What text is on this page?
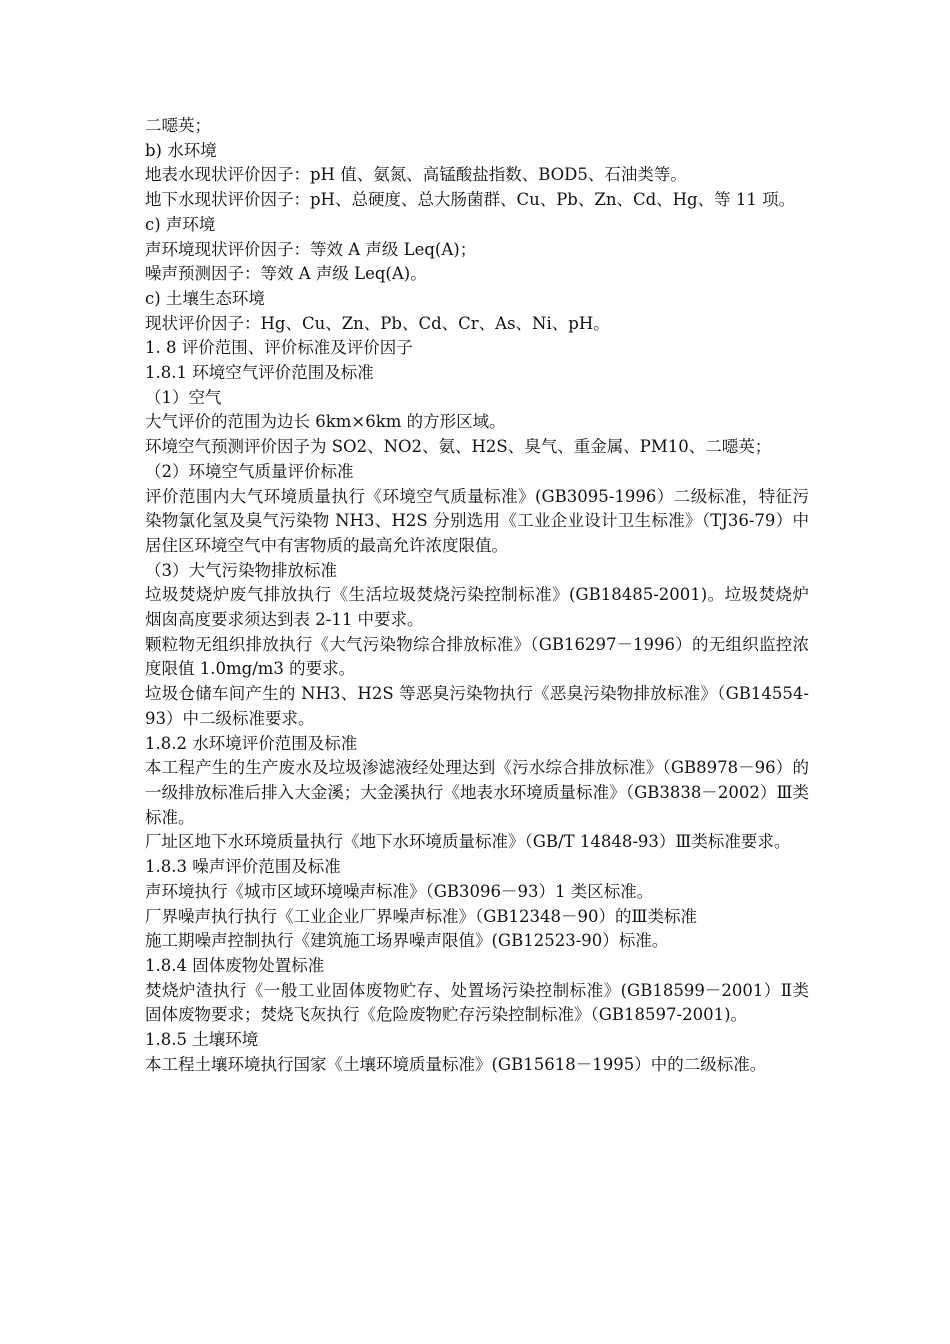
二噁英；

b) 水环境

地表水现状评价因子：pH 值、氨氮、高锰酸盐指数、BOD5、石油类等。

地下水现状评价因子：pH、总硬度、总大肠菌群、Cu、Pb、Zn、Cd、Hg、等 11 项。

c) 声环境

声环境现状评价因子：等效 A 声级 Leq(A)；

噪声预测因子：等效 A 声级 Leq(A)。

c) 土壤生态环境

现状评价因子：Hg、Cu、Zn、Pb、Cd、Cr、As、Ni、pH。

1. 8 评价范围、评价标准及评价因子

1.8.1 环境空气评价范围及标准

（1）空气

大气评价的范围为边长 6km×6km 的方形区域。

环境空气预测评价因子为 SO2、NO2、氨、H2S、臭气、重金属、PM10、二噁英；

（2）环境空气质量评价标准

评价范围内大气环境质量执行《环境空气质量标准》(GB3095-1996）二级标准，特征污染物氯化氢及臭气污染物 NH3、H2S 分别选用《工业企业设计卫生标准》（TJ36-79）中居住区环境空气中有害物质的最高允许浓度限值。

（3）大气污染物排放标准

垃圾焚烧炉废气排放执行《生活垃圾焚烧污染控制标准》(GB18485-2001)。垃圾焚烧炉烟囱高度要求须达到表 2-11 中要求。

颗粒物无组织排放执行《大气污染物综合排放标准》（GB16297－1996）的无组织监控浓度限值 1.0mg/m3 的要求。

垃圾仓储车间产生的 NH3、H2S 等恶臭污染物执行《恶臭污染物排放标准》（GB14554-93）中二级标准要求。

1.8.2 水环境评价范围及标准

本工程产生的生产废水及垃圾渗滤液经处理达到《污水综合排放标准》（GB8978－96）的一级排放标准后排入大金溪；大金溪执行《地表水环境质量标准》（GB3838－2002）Ⅲ类标准。

厂址区地下水环境质量执行《地下水环境质量标准》（GB/T 14848-93）Ⅲ类标准要求。

1.8.3 噪声评价范围及标准

声环境执行《城市区域环境噪声标准》（GB3096－93）1 类区标准。

厂界噪声执行执行《工业企业厂界噪声标准》（GB12348－90）的Ⅲ类标准

施工期噪声控制执行《建筑施工场界噪声限值》(GB12523-90）标准。

1.8.4 固体废物处置标准

焚烧炉渣执行《一般工业固体废物贮存、处置场污染控制标准》(GB18599－2001）Ⅱ类固体废物要求；焚烧飞灰执行《危险废物贮存污染控制标准》（GB18597-2001)。

1.8.5 土壤环境

本工程土壤环境执行国家《土壤环境质量标准》(GB15618－1995）中的二级标准。
